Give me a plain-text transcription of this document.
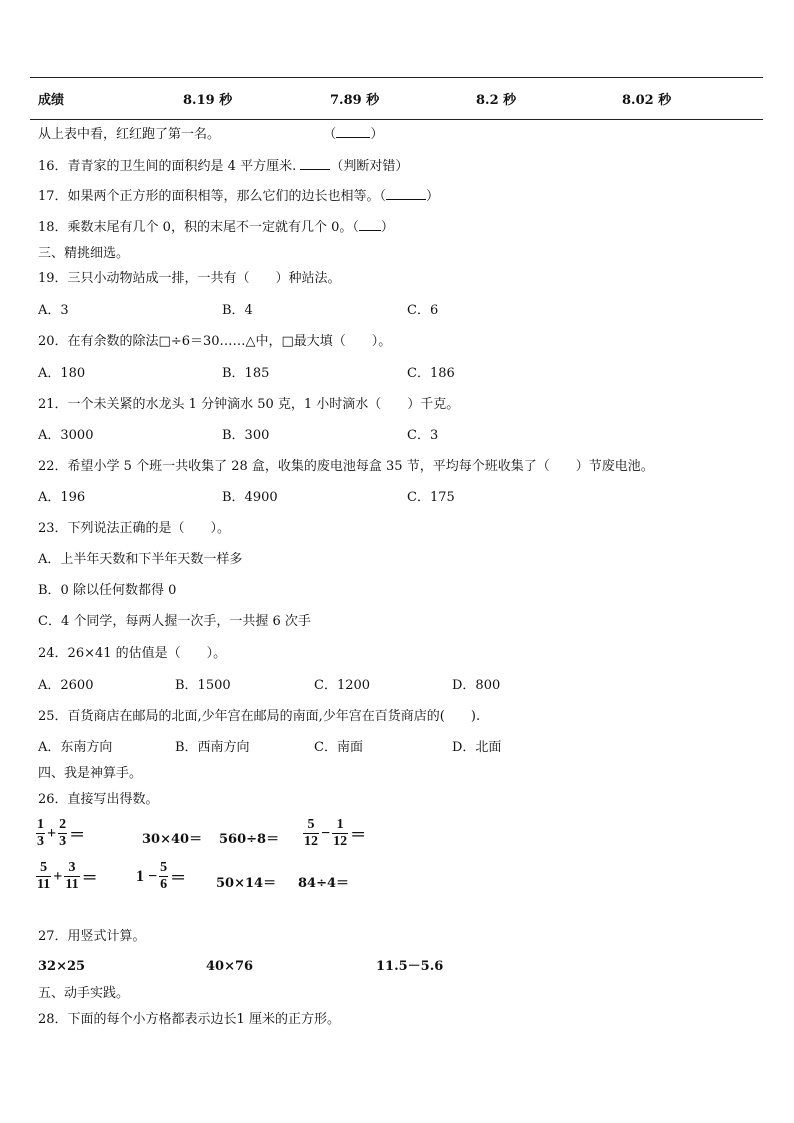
成绩	8.19 秒	7.89 秒	8.2 秒	8.02 秒
从上表中看，红红跑了第一名。	（	）
16．青青家的卫生间的面积约是 4 平方厘米.	（判断对错）
17．如果两个正方形的面积相等，那么它们的边长也相等。（	）
18．乘数末尾有几个 0，积的末尾不一定就有几个 0。（ ）
三、精挑细选。
19．三只小动物站成一排，一共有（　　）种站法。
A．3	B．4	C．6
20．在有余数的除法□÷6＝30……△中，□最大填（　　）。
A．180	B．185	C．186
21．一个未关紧的水龙头 1 分钟滴水 50 克，1 小时滴水（　　）千克。
A．3000	B．300	C．3
22．希望小学 5 个班一共收集了 28 盒，收集的废电池每盒 35 节，平均每个班收集了（　　）节废电池。
A．196	B．4900	C．175
23．下列说法正确的是（　　）。
A．上半年天数和下半年天数一样多
B．0 除以任何数都得 0
C．4 个同学，每两人握一次手，一共握 6 次手
24．26×41 的估值是（　　）。
A．2600	B．1500	C．1200	D．800
25．百货商店在邮局的北面,少年宫在邮局的南面,少年宫在百货商店的(　　).
A．东南方向	B．西南方向	C．南面	D．北面
四、我是神算手。
26．直接写出得数。
$\frac{1}{3} + \frac{2}{3}$ ＝	$30\times 40= 560\div 8= \frac{5}{12} - \frac{1}{12}$ ＝
$\frac{5}{11} + \frac{3}{11} = 1 - \frac{5}{6} = 50\times 14= 84\div 4=$
27．用竖式计算。
32×25	40×76	11.5－5.6
五、动手实践。
28．下面的每个小方格都表示边长1 厘米的正方形。
